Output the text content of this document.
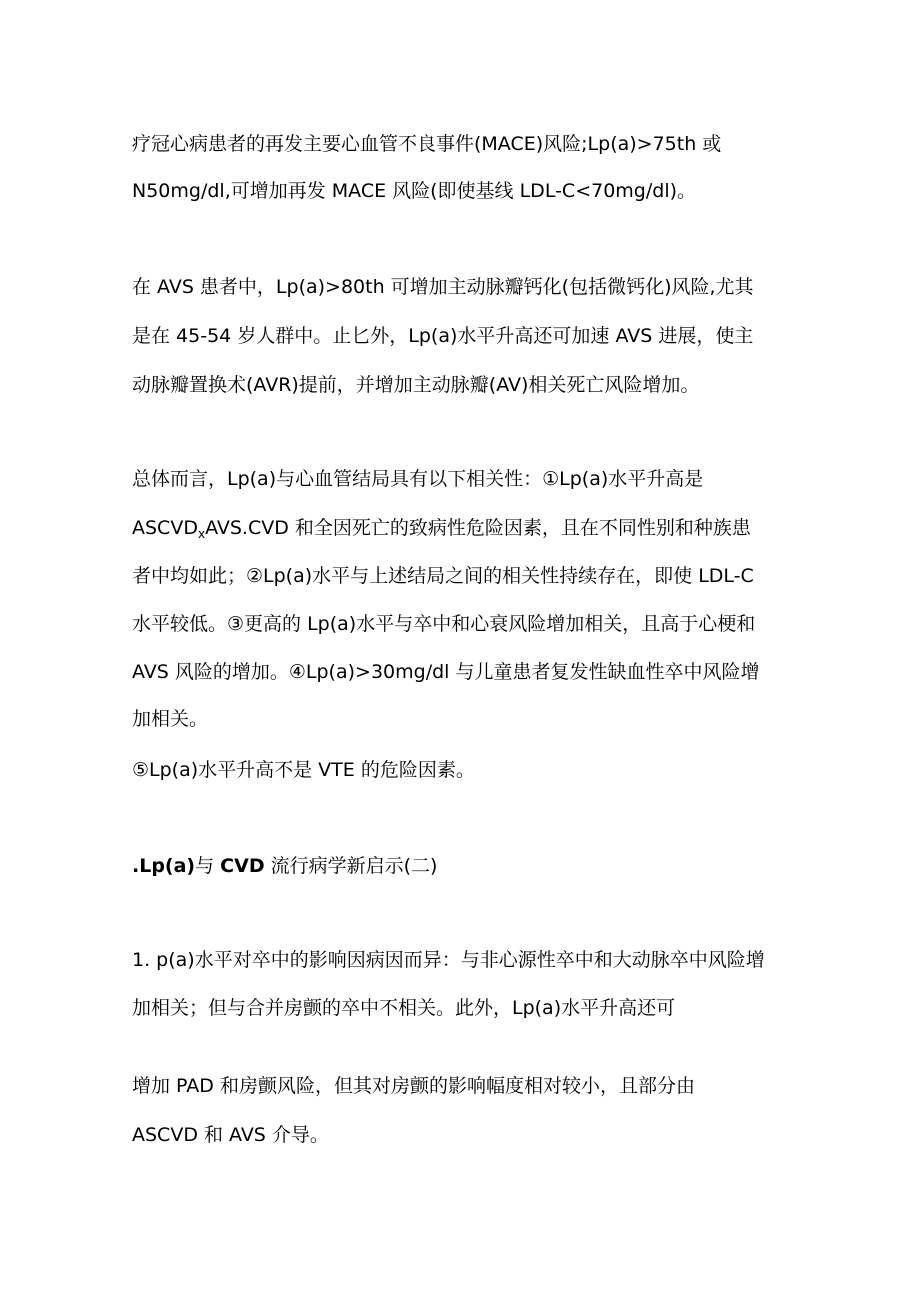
疗冠心病患者的再发主要心血管不良事件(MACE)风险;Lp(a)>75th 或

N50mg/dl,可增加再发 MACE 风险(即使基线 LDL-C<70mg∕dl)。

在 AVS 患者中，Lp(a)>80th 可增加主动脉瓣钙化(包括微钙化)风险,尤其

是在 45-54 岁人群中。止匕外，Lp(a)水平升高还可加速 AVS 进展，使主

动脉瓣置换术(AVR)提前，并增加主动脉瓣(AV)相关死亡风险增加。

总体而言，Lp(a)与心血管结局具有以下相关性：①Lp(a)水平升高是

$ASCVD_xAVS.CVD$ 和全因死亡的致病性危险因素，且在不同性别和种族患

者中均如此；②Lp(a)水平与上述结局之间的相关性持续存在，即使 LDL-C

水平较低。③更高的 Lp(a)水平与卒中和心衰风险增加相关，且高于心梗和

AVS 风险的增加。④Lp(a)>30mg/dl 与儿童患者复发性缺血性卒中风险增

加相关。

⑤Lp(a)水平升高不是 VTE 的危险因素。

.Lp(a)与 CVD 流行病学新启示(二)

1. p(a)水平对卒中的影响因病因而异：与非心源性卒中和大动脉卒中风险增

加相关；但与合并房颤的卒中不相关。此外，Lp(a)水平升高还可

增加 PAD 和房颤风险，但其对房颤的影响幅度相对较小，且部分由

ASCVD 和 AVS 介导。
